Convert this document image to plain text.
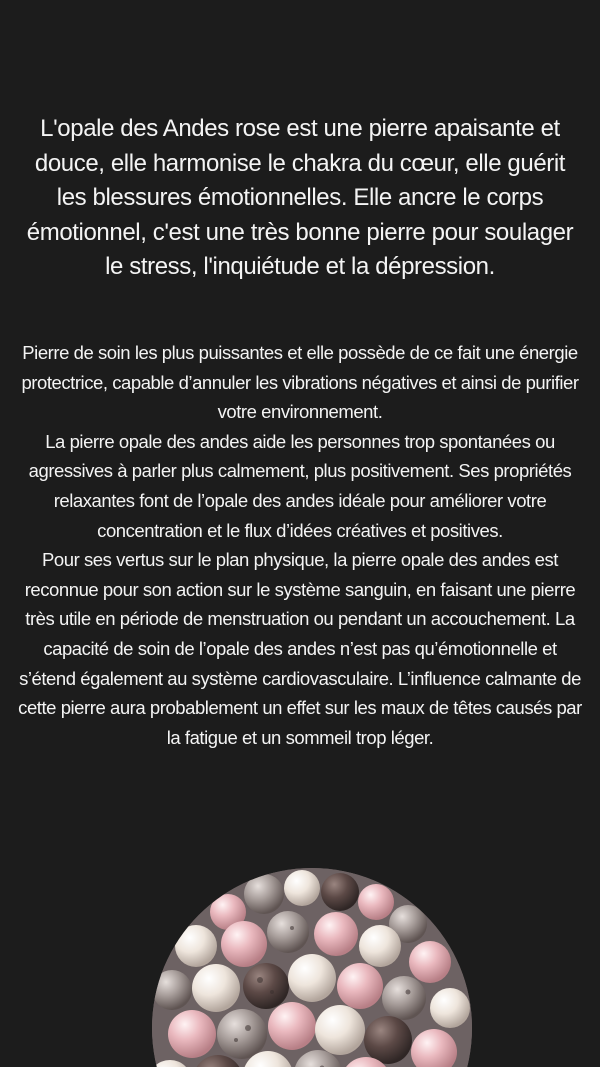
L'opale des Andes rose est une pierre apaisante et douce, elle harmonise le chakra du cœur, elle guérit les blessures émotionnelles. Elle ancre le corps émotionnel, c'est une très bonne pierre pour soulager le stress, l'inquiétude et la dépression.

Pierre de soin les plus puissantes et elle possède de ce fait une énergie protectrice, capable d’annuler les vibrations négatives et ainsi de purifier votre environnement.

La pierre opale des andes aide les personnes trop spontanées ou agressives à parler plus calmement, plus positivement. Ses propriétés relaxantes font de l’opale des andes idéale pour améliorer votre concentration et le flux d’idées créatives et positives.

Pour ses vertus sur le plan physique, la pierre opale des andes est reconnue pour son action sur le système sanguin, en faisant une pierre très utile en période de menstruation ou pendant un accouchement. La capacité de soin de l’opale des andes n’est pas qu’émotionnelle et s’étend également au système cardiovasculaire. L’influence calmante de cette pierre aura probablement un effet sur les maux de têtes causés par la fatigue et un sommeil trop léger.
